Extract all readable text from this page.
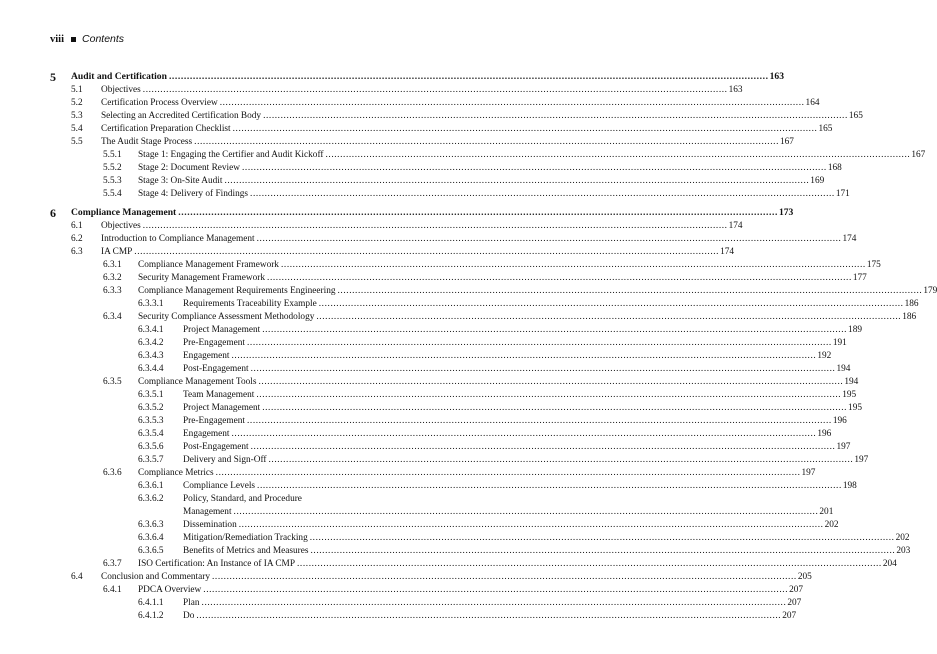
viii Contents
5 Audit and Certification ........................................................................................................................................................................................................ 163
5.1 Objectives ........................................................................................................................................................................................................ 163
5.2 Certification Process Overview ........................................................................................................................................................................................................ 164
5.3 Selecting an Accredited Certification Body ........................................................................................................................................................................................................ 165
5.4 Certification Preparation Checklist ........................................................................................................................................................................................................ 165
5.5 The Audit Stage Process ........................................................................................................................................................................................................ 167
5.5.1 Stage 1: Engaging the Certifier and Audit Kickoff ........................................................................................................................................................................................................ 167
5.5.2 Stage 2: Document Review ........................................................................................................................................................................................................ 168
5.5.3 Stage 3: On-Site Audit ........................................................................................................................................................................................................ 169
5.5.4 Stage 4: Delivery of Findings ........................................................................................................................................................................................................ 171
6 Compliance Management ........................................................................................................................................................................................................ 173
6.1 Objectives ........................................................................................................................................................................................................ 174
6.2 Introduction to Compliance Management ........................................................................................................................................................................................................ 174
6.3 IA CMP ........................................................................................................................................................................................................ 174
6.3.1 Compliance Management Framework ........................................................................................................................................................................................................ 175
6.3.2 Security Management Framework ........................................................................................................................................................................................................ 177
6.3.3 Compliance Management Requirements Engineering ........................................................................................................................................................................................................ 179
6.3.3.1 Requirements Traceability Example ........................................................................................................................................................................................................ 186
6.3.4 Security Compliance Assessment Methodology ........................................................................................................................................................................................................ 186
6.3.4.1 Project Management ........................................................................................................................................................................................................ 189
6.3.4.2 Pre-Engagement ........................................................................................................................................................................................................ 191
6.3.4.3 Engagement ........................................................................................................................................................................................................ 192
6.3.4.4 Post-Engagement ........................................................................................................................................................................................................ 194
6.3.5 Compliance Management Tools ........................................................................................................................................................................................................ 194
6.3.5.1 Team Management ........................................................................................................................................................................................................ 195
6.3.5.2 Project Management ........................................................................................................................................................................................................ 195
6.3.5.3 Pre-Engagement ........................................................................................................................................................................................................ 196
6.3.5.4 Engagement ........................................................................................................................................................................................................ 196
6.3.5.6 Post-Engagement ........................................................................................................................................................................................................ 197
6.3.5.7 Delivery and Sign-Off ........................................................................................................................................................................................................ 197
6.3.6 Compliance Metrics ........................................................................................................................................................................................................ 197
6.3.6.1 Compliance Levels ........................................................................................................................................................................................................ 198
6.3.6.2 Policy, Standard, and Procedure
Management ........................................................................................................................................................................................................ 201
6.3.6.3 Dissemination ........................................................................................................................................................................................................ 202
6.3.6.4 Mitigation/Remediation Tracking ........................................................................................................................................................................................................ 202
6.3.6.5 Benefits of Metrics and Measures ........................................................................................................................................................................................................ 203
6.3.7 ISO Certification: An Instance of IA CMP ........................................................................................................................................................................................................ 204
6.4 Conclusion and Commentary ........................................................................................................................................................................................................ 205
6.4.1 PDCA Overview ........................................................................................................................................................................................................ 207
6.4.1.1 Plan ........................................................................................................................................................................................................ 207
6.4.1.2 Do ........................................................................................................................................................................................................ 207
